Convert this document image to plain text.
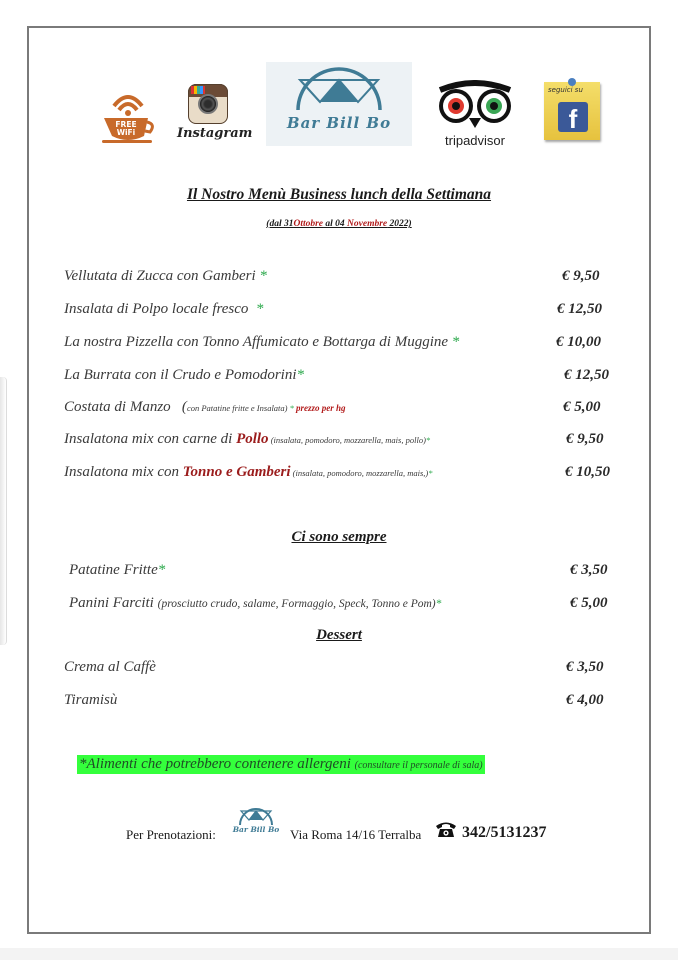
FREE WiFi	Instagram
Bar Bill Bo
tripadvisor
seguici su
f
Il Nostro Menù Business lunch della Settimana
(dal 31Ottobre al 04 Novembre 2022)
Vellutata di Zucca con Gamberi *	€ 9,50
Insalata di Polpo locale fresco  *	€ 12,50
La nostra Pizzella con Tonno Affumicato e Bottarga di Muggine *	€ 10,00
La Burrata con il Crudo e Pomodorini*	€ 12,50
Costata di Manzo   (con Patatine fritte e Insalata) * prezzo per hg	€ 5,00
Insalatona mix con carne di Pollo (insalata, pomodoro, mozzarella, mais, pollo)*	€ 9,50
Insalatona mix con Tonno e Gamberi (insalata, pomodoro, mozzarella, mais,)*	€ 10,50
Ci sono sempre
Patatine Fritte*	€ 3,50
Panini Farciti (prosciutto crudo, salame, Formaggio, Speck, Tonno e Pom)*	€ 5,00
Dessert
Crema al Caffè	€ 3,50
Tiramisù	€ 4,00
*Alimenti che potrebbero contenere allergeni (consultare il personale di sala)
Per Prenotazioni:	Bar Bill Bo Via Roma 14/16 Terralba	342/5131237
